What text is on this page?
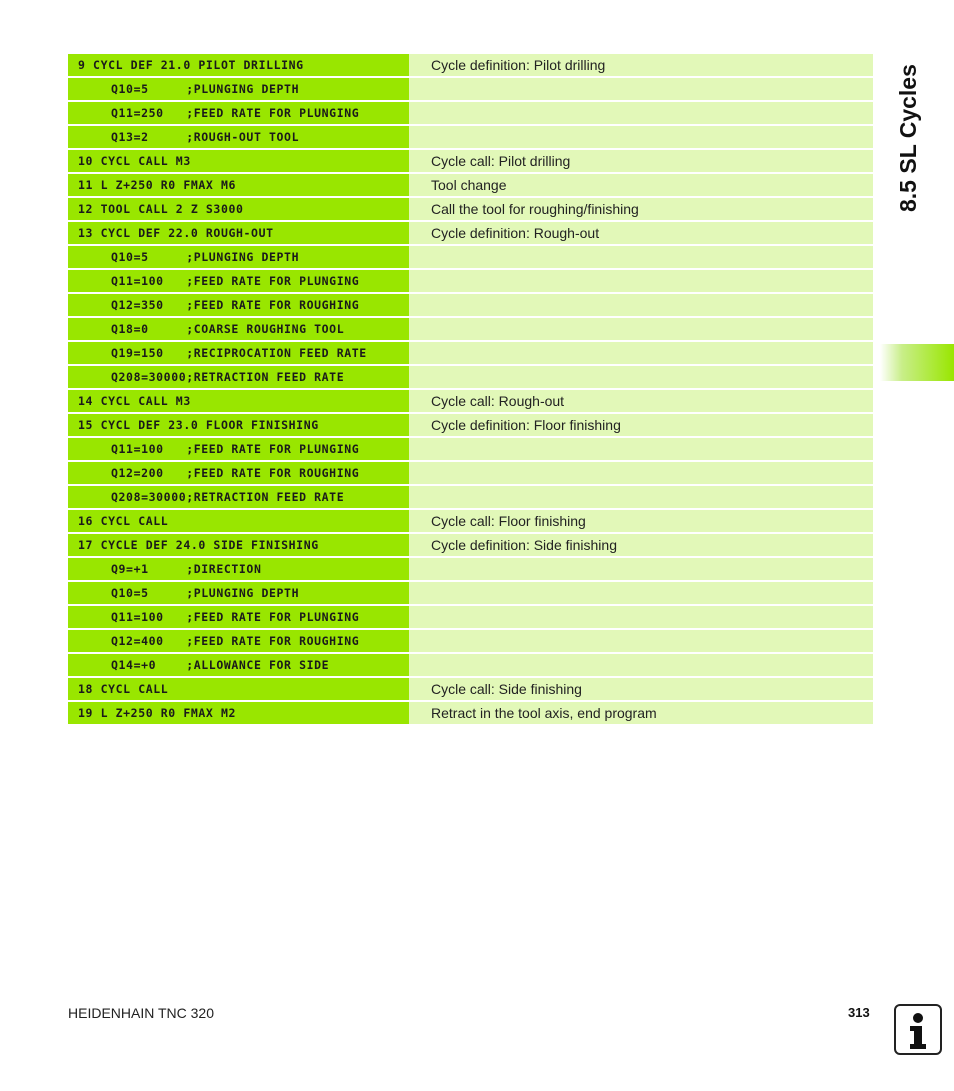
9 CYCL DEF 21.0 PILOT DRILLING	Cycle definition: Pilot drilling
Q10=5     ;PLUNGING DEPTH
Q11=250   ;FEED RATE FOR PLUNGING
Q13=2     ;ROUGH-OUT TOOL
10 CYCL CALL M3	Cycle call: Pilot drilling
11 L Z+250 R0 FMAX M6	Tool change
12 TOOL CALL 2 Z S3000	Call the tool for roughing/finishing
13 CYCL DEF 22.0 ROUGH-OUT	Cycle definition: Rough-out
Q10=5     ;PLUNGING DEPTH
Q11=100   ;FEED RATE FOR PLUNGING
Q12=350   ;FEED RATE FOR ROUGHING
Q18=0     ;COARSE ROUGHING TOOL
Q19=150   ;RECIPROCATION FEED RATE
Q208=30000;RETRACTION FEED RATE
14 CYCL CALL M3	Cycle call: Rough-out
15 CYCL DEF 23.0 FLOOR FINISHING	Cycle definition: Floor finishing
Q11=100   ;FEED RATE FOR PLUNGING
Q12=200   ;FEED RATE FOR ROUGHING
Q208=30000;RETRACTION FEED RATE
16 CYCL CALL	Cycle call: Floor finishing
17 CYCLE DEF 24.0 SIDE FINISHING	Cycle definition: Side finishing
Q9=+1     ;DIRECTION
Q10=5     ;PLUNGING DEPTH
Q11=100   ;FEED RATE FOR PLUNGING
Q12=400   ;FEED RATE FOR ROUGHING
Q14=+0    ;ALLOWANCE FOR SIDE
18 CYCL CALL	Cycle call: Side finishing
19 L Z+250 R0 FMAX M2	Retract in the tool axis, end program
8.5 SL Cycles
HEIDENHAIN TNC 320	313
